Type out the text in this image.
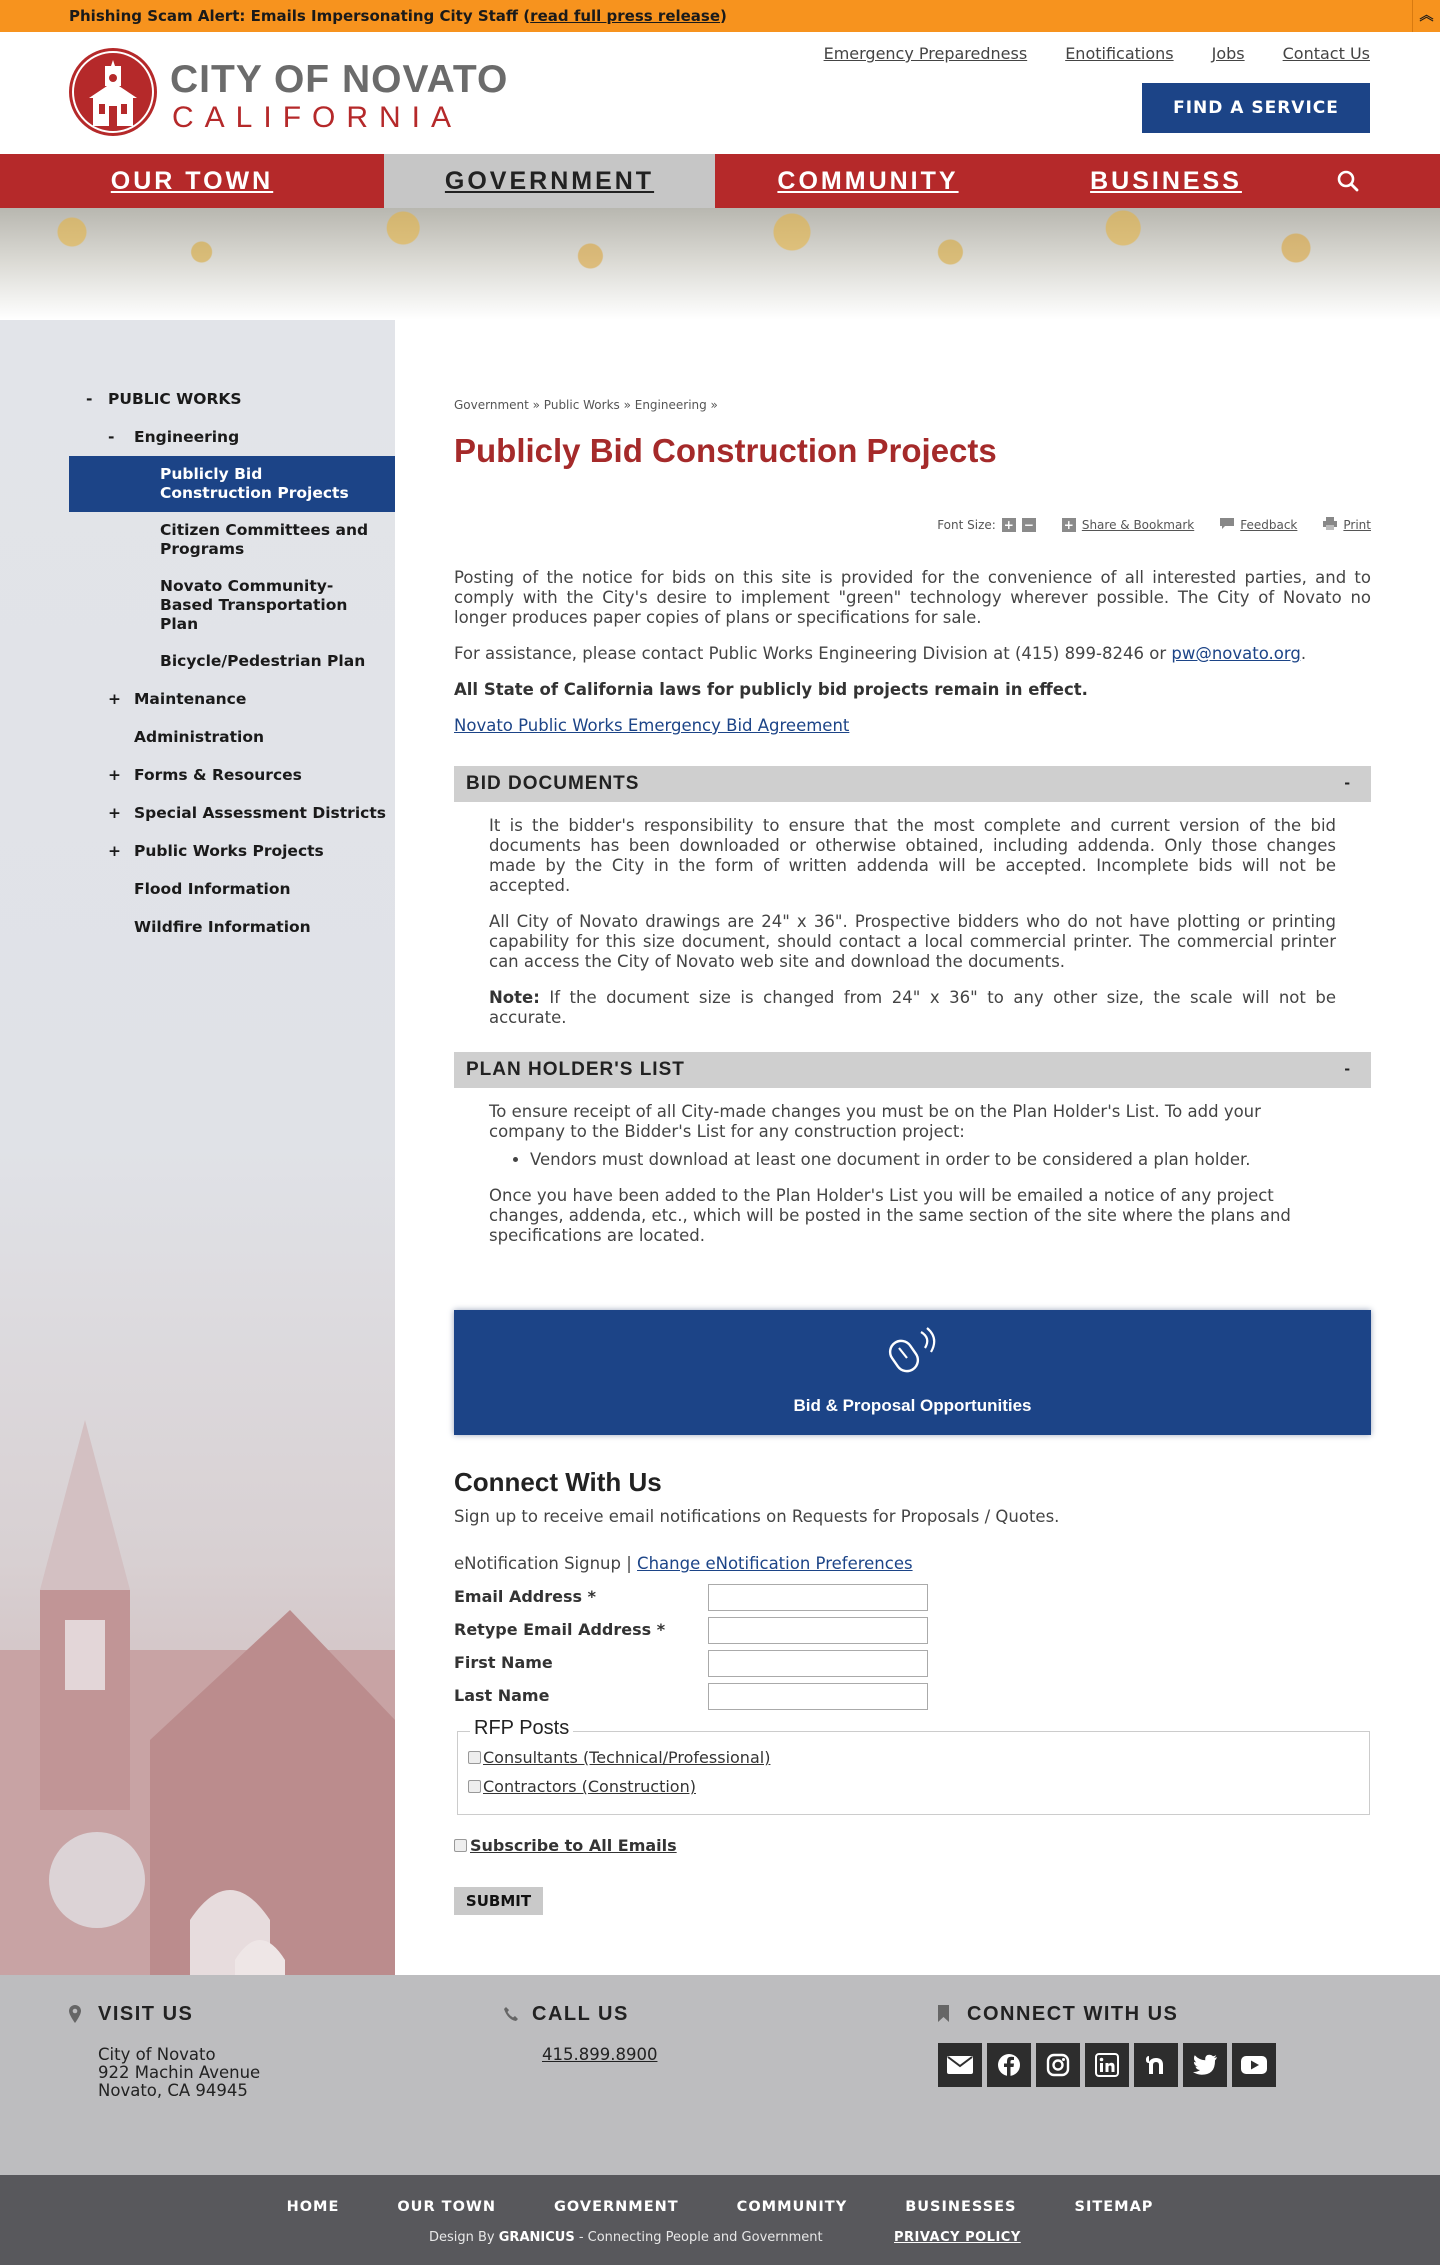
Phishing Scam Alert: Emails Impersonating City Staff (read full press release)	︽
CITY OF NOVATO
CALIFORNIA
Emergency Preparedness Enotifications Jobs Contact Us
FIND A SERVICE
OUR TOWN	GOVERNMENT	COMMUNITY	BUSINESS
- PUBLIC WORKS
- Engineering
Publicly Bid Construction Projects
Citizen Committees and Programs
Novato Community-Based Transportation Plan
Bicycle/Pedestrian Plan
+ Maintenance
Administration
+ Forms & Resources
+ Special Assessment Districts
+ Public Works Projects
Flood Information
Wildfire Information
Government » Public Works » Engineering »
Publicly Bid Construction Projects
Font Size: + − + Share & Bookmark	Feedback	Print

Posting of the notice for bids on this site is provided for the convenience of all interested parties, and to comply with the City's desire to implement "green" technology wherever possible. The City of Novato no longer produces paper copies of plans or specifications for sale.

For assistance, please contact Public Works Engineering Division at (415) 899-8246 or pw@novato.org.

All State of California laws for publicly bid projects remain in effect.

Novato Public Works Emergency Bid Agreement

BID DOCUMENTS	-

It is the bidder's responsibility to ensure that the most complete and current version of the bid documents has been downloaded or otherwise obtained, including addenda. Only those changes made by the City in the form of written addenda will be accepted. Incomplete bids will not be accepted.

All City of Novato drawings are 24" x 36". Prospective bidders who do not have plotting or printing capability for this size document, should contact a local commercial printer. The commercial printer can access the City of Novato web site and download the documents.

Note: If the document size is changed from 24" x 36" to any other size, the scale will not be accurate.

PLAN HOLDER'S LIST	-

To ensure receipt of all City-made changes you must be on the Plan Holder's List. To add your company to the Bidder's List for any construction project:

• Vendors must download at least one document in order to be considered a plan holder.

Once you have been added to the Plan Holder's List you will be emailed a notice of any project changes, addenda, etc., which will be posted in the same section of the site where the plans and specifications are located.

Bid & Proposal Opportunities
Connect With Us
Sign up to receive email notifications on Requests for Proposals / Quotes.
eNotification Signup | Change eNotification Preferences
Email Address *
Retype Email Address *
First Name
Last Name
RFP Posts
Consultants (Technical/Professional)
Contractors (Construction)
Subscribe to All Emails
SUBMIT
VISIT US
City of Novato
922 Machin Avenue
Novato, CA 94945
CALL US
415.899.8900
CONNECT WITH US
HOME	OUR TOWN	GOVERNMENT	COMMUNITY	BUSINESSES	SITEMAP
Design By GRANICUS - Connecting People and Government	PRIVACY POLICY
